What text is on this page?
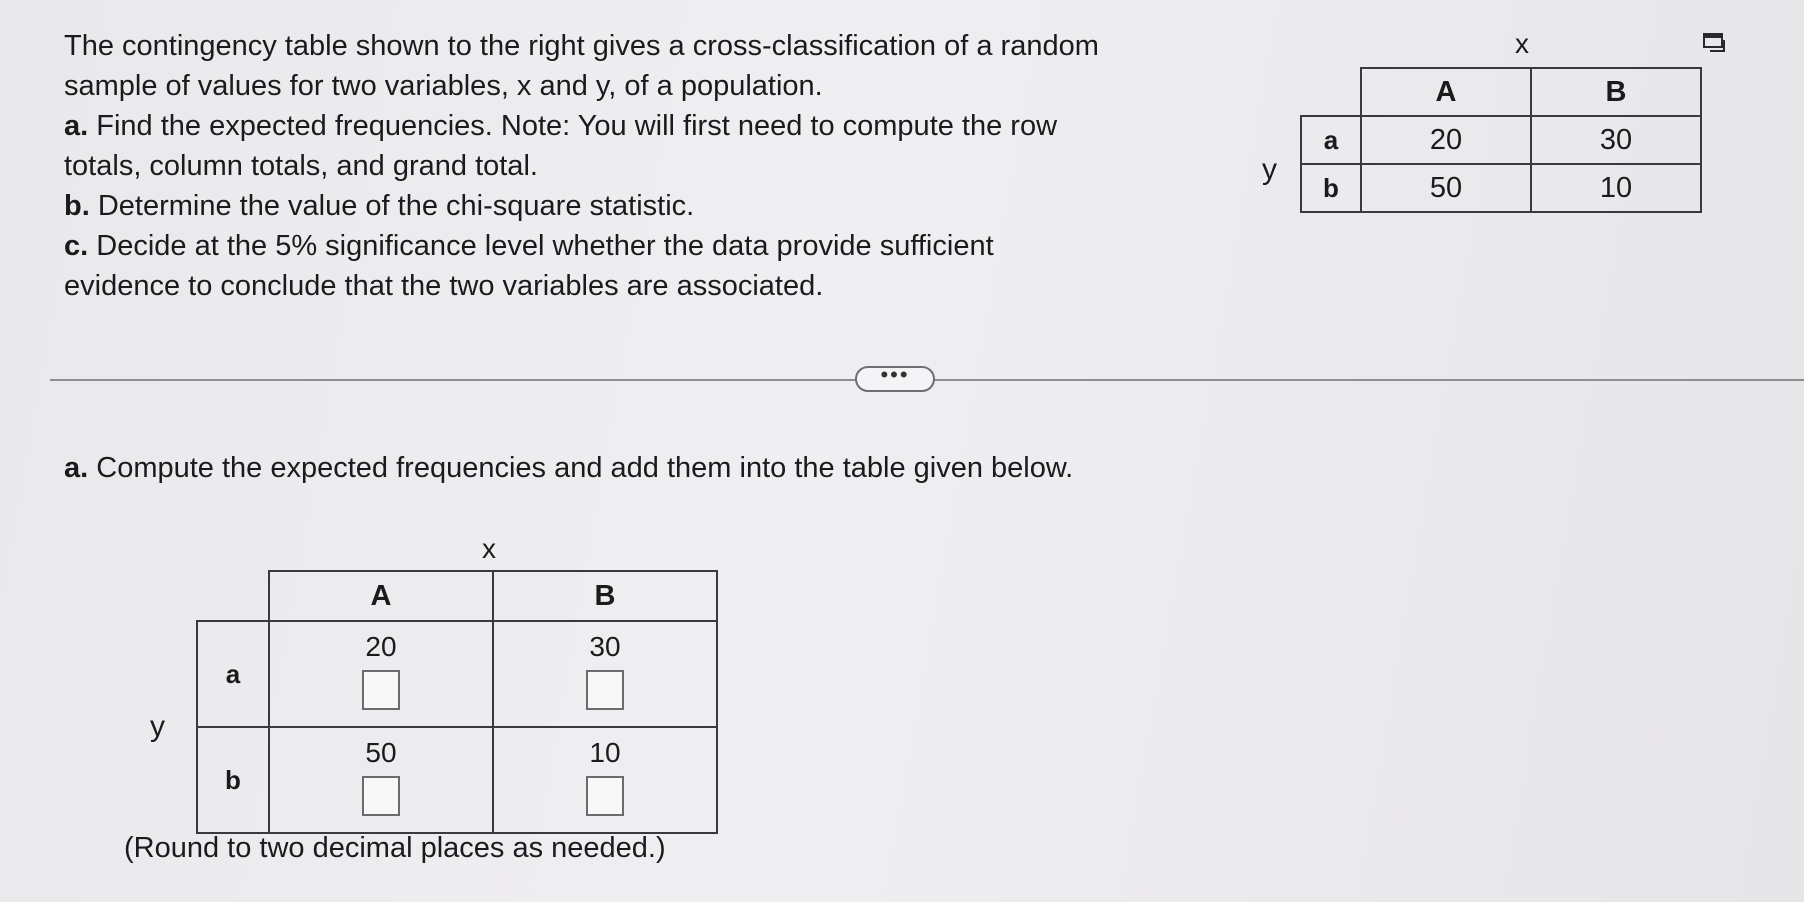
The contingency table shown to the right gives a cross-classification of a random sample of values for two variables, x and y, of a population.

a. Find the expected frequencies. Note: You will first need to compute the row totals, column totals, and grand total.

b. Determine the value of the chi-square statistic.

c. Decide at the 5% significance level whether the data provide sufficient evidence to conclude that the two variables are associated.

x
y
	A	B
a	20	30
b	50	10
•••
a. Compute the expected frequencies and add them into the table given below.
x
y
	A	B
a	20	30

b	50	10
(Round to two decimal places as needed.)
